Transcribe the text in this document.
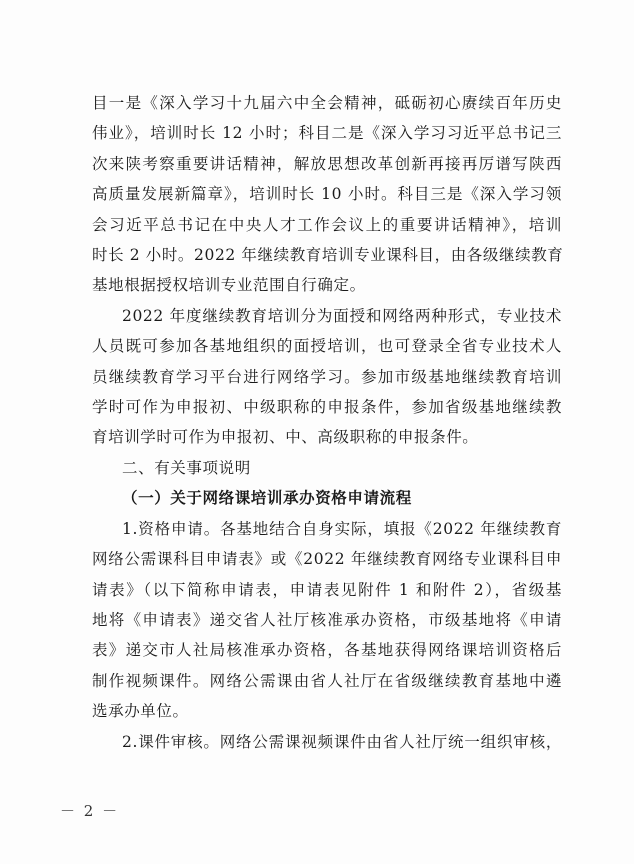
目一是《深入学习十九届六中全会精神，砥砺初心赓续百年历史
伟业》，培训时长 12 小时；科目二是《深入学习习近平总书记三
次来陕考察重要讲话精神，解放思想改革创新再接再厉谱写陕西
高质量发展新篇章》，培训时长 10 小时。科目三是《深入学习领
会习近平总书记在中央人才工作会议上的重要讲话精神》，培训
时长 2 小时。2022 年继续教育培训专业课科目，由各级继续教育
基地根据授权培训专业范围自行确定。
2022 年度继续教育培训分为面授和网络两种形式，专业技术
人员既可参加各基地组织的面授培训，也可登录全省专业技术人
员继续教育学习平台进行网络学习。参加市级基地继续教育培训
学时可作为申报初、中级职称的申报条件，参加省级基地继续教
育培训学时可作为申报初、中、高级职称的申报条件。
二、有关事项说明
（一）关于网络课培训承办资格申请流程
1.资格申请。各基地结合自身实际，填报《2022 年继续教育
网络公需课科目申请表》或《2022 年继续教育网络专业课科目申
请表》（以下简称申请表，申请表见附件 1 和附件 2），省级基
地将《申请表》递交省人社厅核准承办资格，市级基地将《申请
表》递交市人社局核准承办资格，各基地获得网络课培训资格后
制作视频课件。网络公需课由省人社厅在省级继续教育基地中遴
选承办单位。
2.课件审核。网络公需课视频课件由省人社厅统一组织审核，
－ 2 －
